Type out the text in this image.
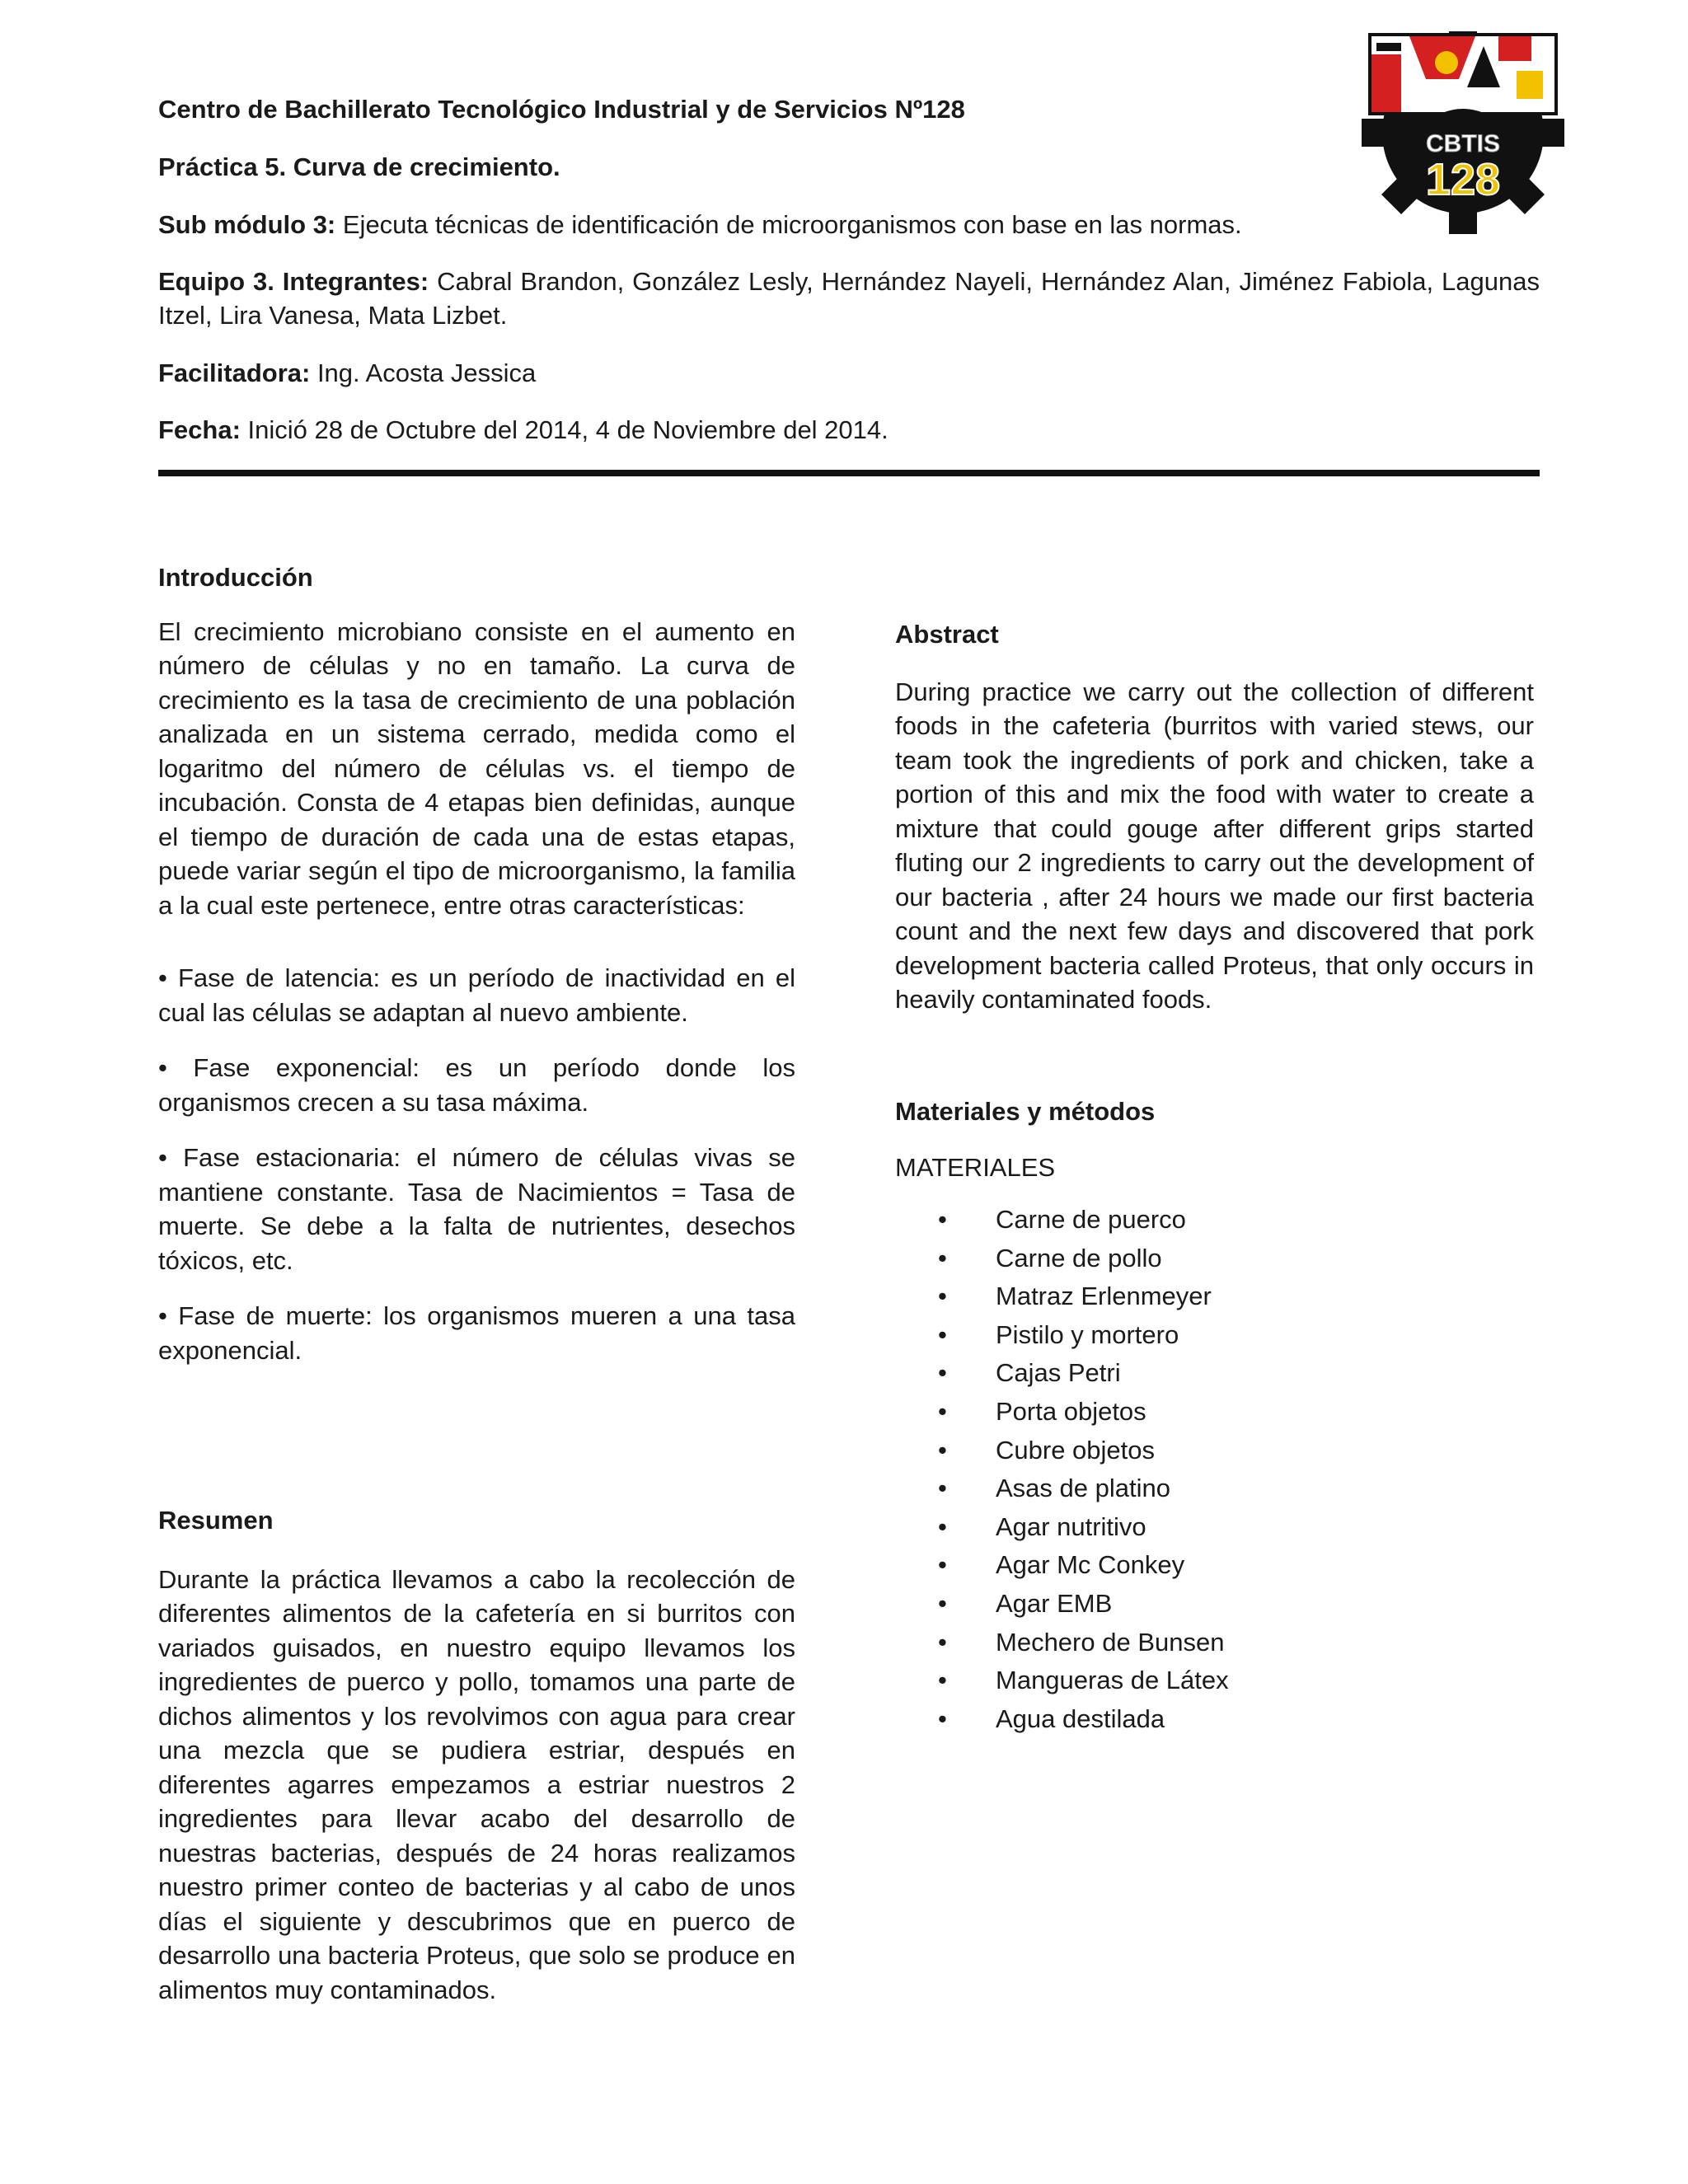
Centro de Bachillerato Tecnológico Industrial y de Servicios Nº128

Práctica 5. Curva de crecimiento.

Sub módulo 3: Ejecuta técnicas de identificación de microorganismos con base en las normas.

Equipo 3. Integrantes: Cabral Brandon, González Lesly, Hernández Nayeli, Hernández Alan, Jiménez Fabiola, Lagunas Itzel, Lira Vanesa, Mata Lizbet.

Facilitadora: Ing. Acosta Jessica

Fecha: Inició 28 de Octubre del 2014, 4 de Noviembre del 2014.

CBTIS
128

Introducción

El crecimiento microbiano consiste en el aumento en número de células y no en tamaño. La curva de crecimiento es la tasa de crecimiento de una población analizada en un sistema cerrado, medida como el logaritmo del número de células vs. el tiempo de incubación. Consta de 4 etapas bien definidas, aunque el tiempo de duración de cada una de estas etapas, puede variar según el tipo de microorganismo, la familia a la cual este pertenece, entre otras características:

• Fase de latencia: es un período de inactividad en el cual las células se adaptan al nuevo ambiente.

• Fase exponencial: es un período donde los organismos crecen a su tasa máxima.

• Fase estacionaria: el número de células vivas se mantiene constante. Tasa de Nacimientos = Tasa de muerte. Se debe a la falta de nutrientes, desechos tóxicos, etc.

• Fase de muerte: los organismos mueren a una tasa exponencial.

Resumen

Durante la práctica llevamos a cabo la recolección de diferentes alimentos de la cafetería en si burritos con variados guisados, en nuestro equipo llevamos los ingredientes de puerco y pollo, tomamos una parte de dichos alimentos y los revolvimos con agua para crear una mezcla que se pudiera estriar, después en diferentes agarres empezamos a estriar nuestros 2 ingredientes para llevar acabo del desarrollo de nuestras bacterias, después de 24 horas realizamos nuestro primer conteo de bacterias y al cabo de unos días el siguiente y descubrimos que en puerco de desarrollo una bacteria Proteus, que solo se produce en alimentos muy contaminados.

Abstract

During practice we carry out the collection of different foods in the cafeteria (burritos with varied stews, our team took the ingredients of pork and chicken, take a portion of this and mix the food with water to create a mixture that could gouge after different grips started fluting our 2 ingredients to carry out the development of our bacteria , after 24 hours we made our first bacteria count and the next few days and discovered that pork development bacteria called Proteus, that only occurs in heavily contaminated foods.

Materiales y métodos

MATERIALES

• Carne de puerco
• Carne de pollo
• Matraz Erlenmeyer
• Pistilo y mortero
• Cajas Petri
• Porta objetos
• Cubre objetos
• Asas de platino
• Agar nutritivo
• Agar Mc Conkey
• Agar EMB
• Mechero de Bunsen
• Mangueras de Látex
• Agua destilada
